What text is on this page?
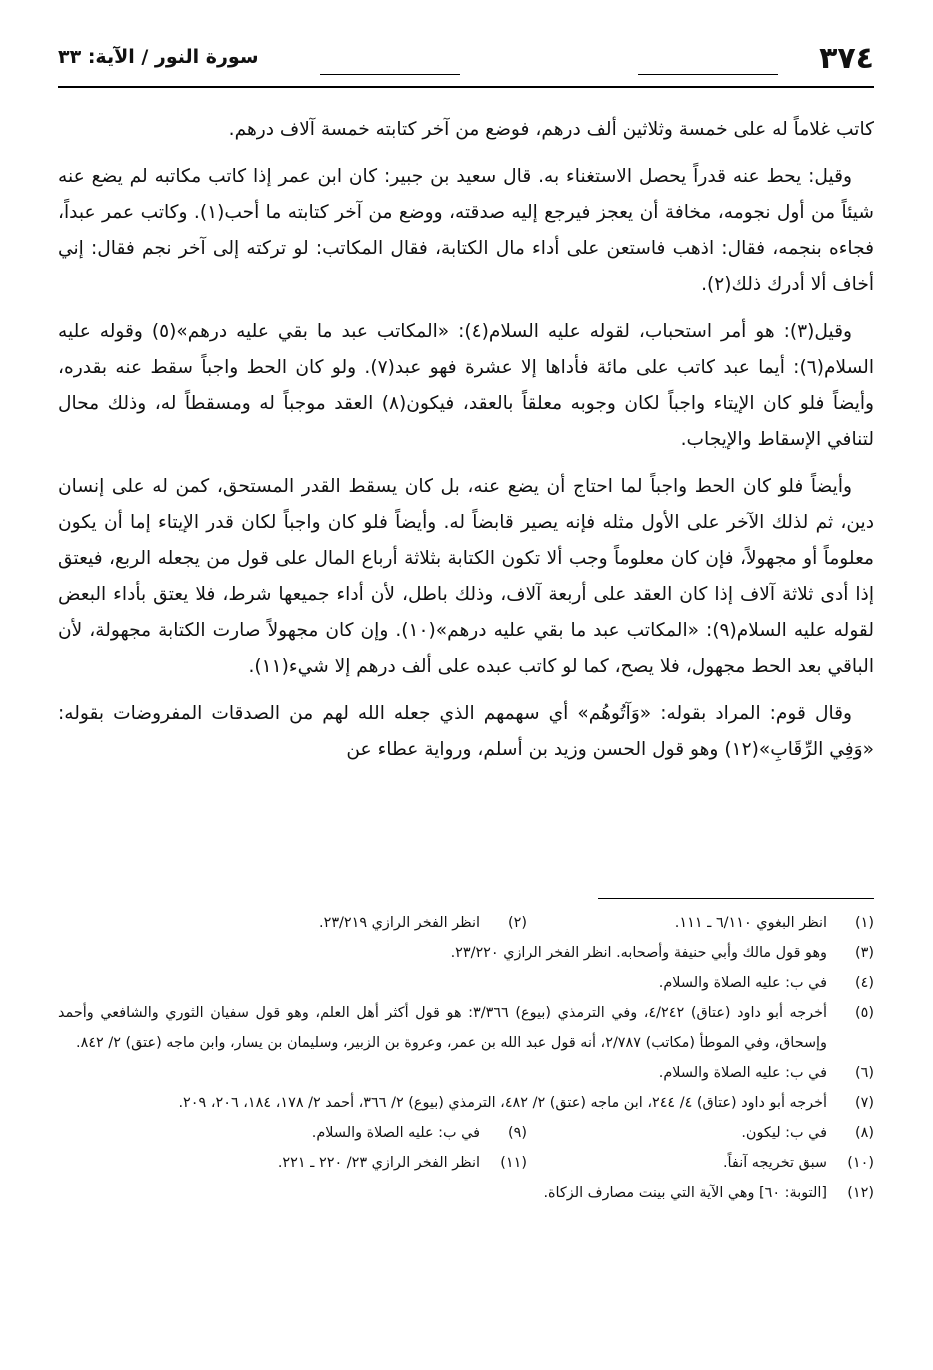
٣٧٤
سورة النور / الآية: ٣٣

كاتب غلاماً له على خمسة وثلاثين ألف درهم، فوضع من آخر كتابته خمسة آلاف درهم.

وقيل: يحط عنه قدراً يحصل الاستغناء به. قال سعيد بن جبير: كان ابن عمر إذا كاتب مكاتبه لم يضع عنه شيئاً من أول نجومه، مخافة أن يعجز فيرجع إليه صدقته، ووضع من آخر كتابته ما أحب(١). وكاتب عمر عبداً، فجاءه بنجمه، فقال: اذهب فاستعن على أداء مال الكتابة، فقال المكاتب: لو تركته إلى آخر نجم فقال: إني أخاف ألا أدرك ذلك(٢).

وقيل(٣): هو أمر استحباب، لقوله عليه السلام(٤): «المكاتب عبد ما بقي عليه درهم»(٥) وقوله عليه السلام(٦): أيما عبد كاتب على مائة فأداها إلا عشرة فهو عبد(٧). ولو كان الحط واجباً سقط عنه بقدره، وأيضاً فلو كان الإيتاء واجباً لكان وجوبه معلقاً بالعقد، فيكون(٨) العقد موجباً له ومسقطاً له، وذلك محال لتنافي الإسقاط والإيجاب.

وأيضاً فلو كان الحط واجباً لما احتاج أن يضع عنه، بل كان يسقط القدر المستحق، كمن له على إنسان دين، ثم لذلك الآخر على الأول مثله فإنه يصير قابضاً له. وأيضاً فلو كان واجباً لكان قدر الإيتاء إما أن يكون معلوماً أو مجهولاً، فإن كان معلوماً وجب ألا تكون الكتابة بثلاثة أرباع المال على قول من يجعله الربع، فيعتق إذا أدى ثلاثة آلاف إذا كان العقد على أربعة آلاف، وذلك باطل، لأن أداء جميعها شرط، فلا يعتق بأداء البعض لقوله عليه السلام(٩): «المكاتب عبد ما بقي عليه درهم»(١٠). وإن كان مجهولاً صارت الكتابة مجهولة، لأن الباقي بعد الحط مجهول، فلا يصح، كما لو كاتب عبده على ألف درهم إلا شيء(١١).

وقال قوم: المراد بقوله: «وَآتُوهُم» أي سهمهم الذي جعله الله لهم من الصدقات المفروضات بقوله: «وَفِي الرِّقَابِ»(١٢) وهو قول الحسن وزيد بن أسلم، ورواية عطاء عن

(١)
انظر البغوي ٦/١١٠ ـ ١١١.
(٢)
انظر الفخر الرازي ٢٣/٢١٩.
(٣)
وهو قول مالك وأبي حنيفة وأصحابه. انظر الفخر الرازي ٢٣/٢٢٠.
(٤)
في ب: عليه الصلاة والسلام.
(٥)
أخرجه أبو داود (عتاق) ٤/٢٤٢، وفي الترمذي (بيوع) ٣/٣٦٦: هو قول أكثر أهل العلم، وهو قول سفيان الثوري والشافعي وأحمد وإسحاق، وفي الموطأ (مكاتب) ٢/٧٨٧، أنه قول عبد الله بن عمر، وعروة بن الزبير، وسليمان بن يسار، وابن ماجه (عتق) ٢/ ٨٤٢.
(٦)
في ب: عليه الصلاة والسلام.
(٧)
أخرجه أبو داود (عتاق) ٤/ ٢٤٤، ابن ماجه (عتق) ٢/ ٤٨٢، الترمذي (بيوع) ٢/ ٣٦٦، أحمد ٢/ ١٧٨، ١٨٤، ٢٠٦، ٢٠٩.
(٨)
في ب: ليكون.
(٩)
في ب: عليه الصلاة والسلام.
(١٠)
سبق تخريجه آنفاً.
(١١)
انظر الفخر الرازي ٢٣/ ٢٢٠ ـ ٢٢١.
(١٢)
[التوبة: ٦٠] وهي الآية التي بينت مصارف الزكاة.
